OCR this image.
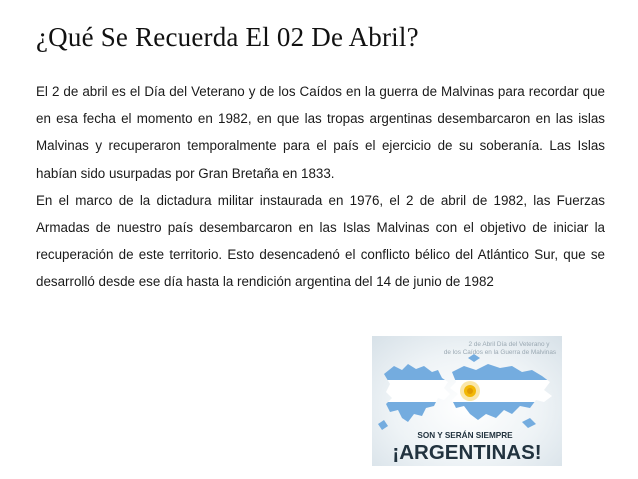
¿Qué Se Recuerda El 02 De Abril?

El 2 de abril es el Día del Veterano y de los Caídos en la guerra de Malvinas para recordar que en esa fecha el momento en 1982, en que las tropas argentinas desembarcaron en las islas Malvinas y recuperaron temporalmente para el país el ejercicio de su soberanía. Las Islas habían sido usurpadas por Gran Bretaña en 1833.

En el marco de la dictadura militar instaurada en 1976, el 2 de abril de 1982, las Fuerzas Armadas de nuestro país desembarcaron en las Islas Malvinas con el objetivo de iniciar la recuperación de este territorio. Esto desencadenó el conflicto bélico del Atlántico Sur, que se desarrolló desde ese día hasta la rendición argentina del 14 de junio de 1982

2 de Abril Día del Veterano y
de los Caídos en la Guerra de Malvinas
SON Y SERÁN SIEMPRE
¡ARGENTINAS!
